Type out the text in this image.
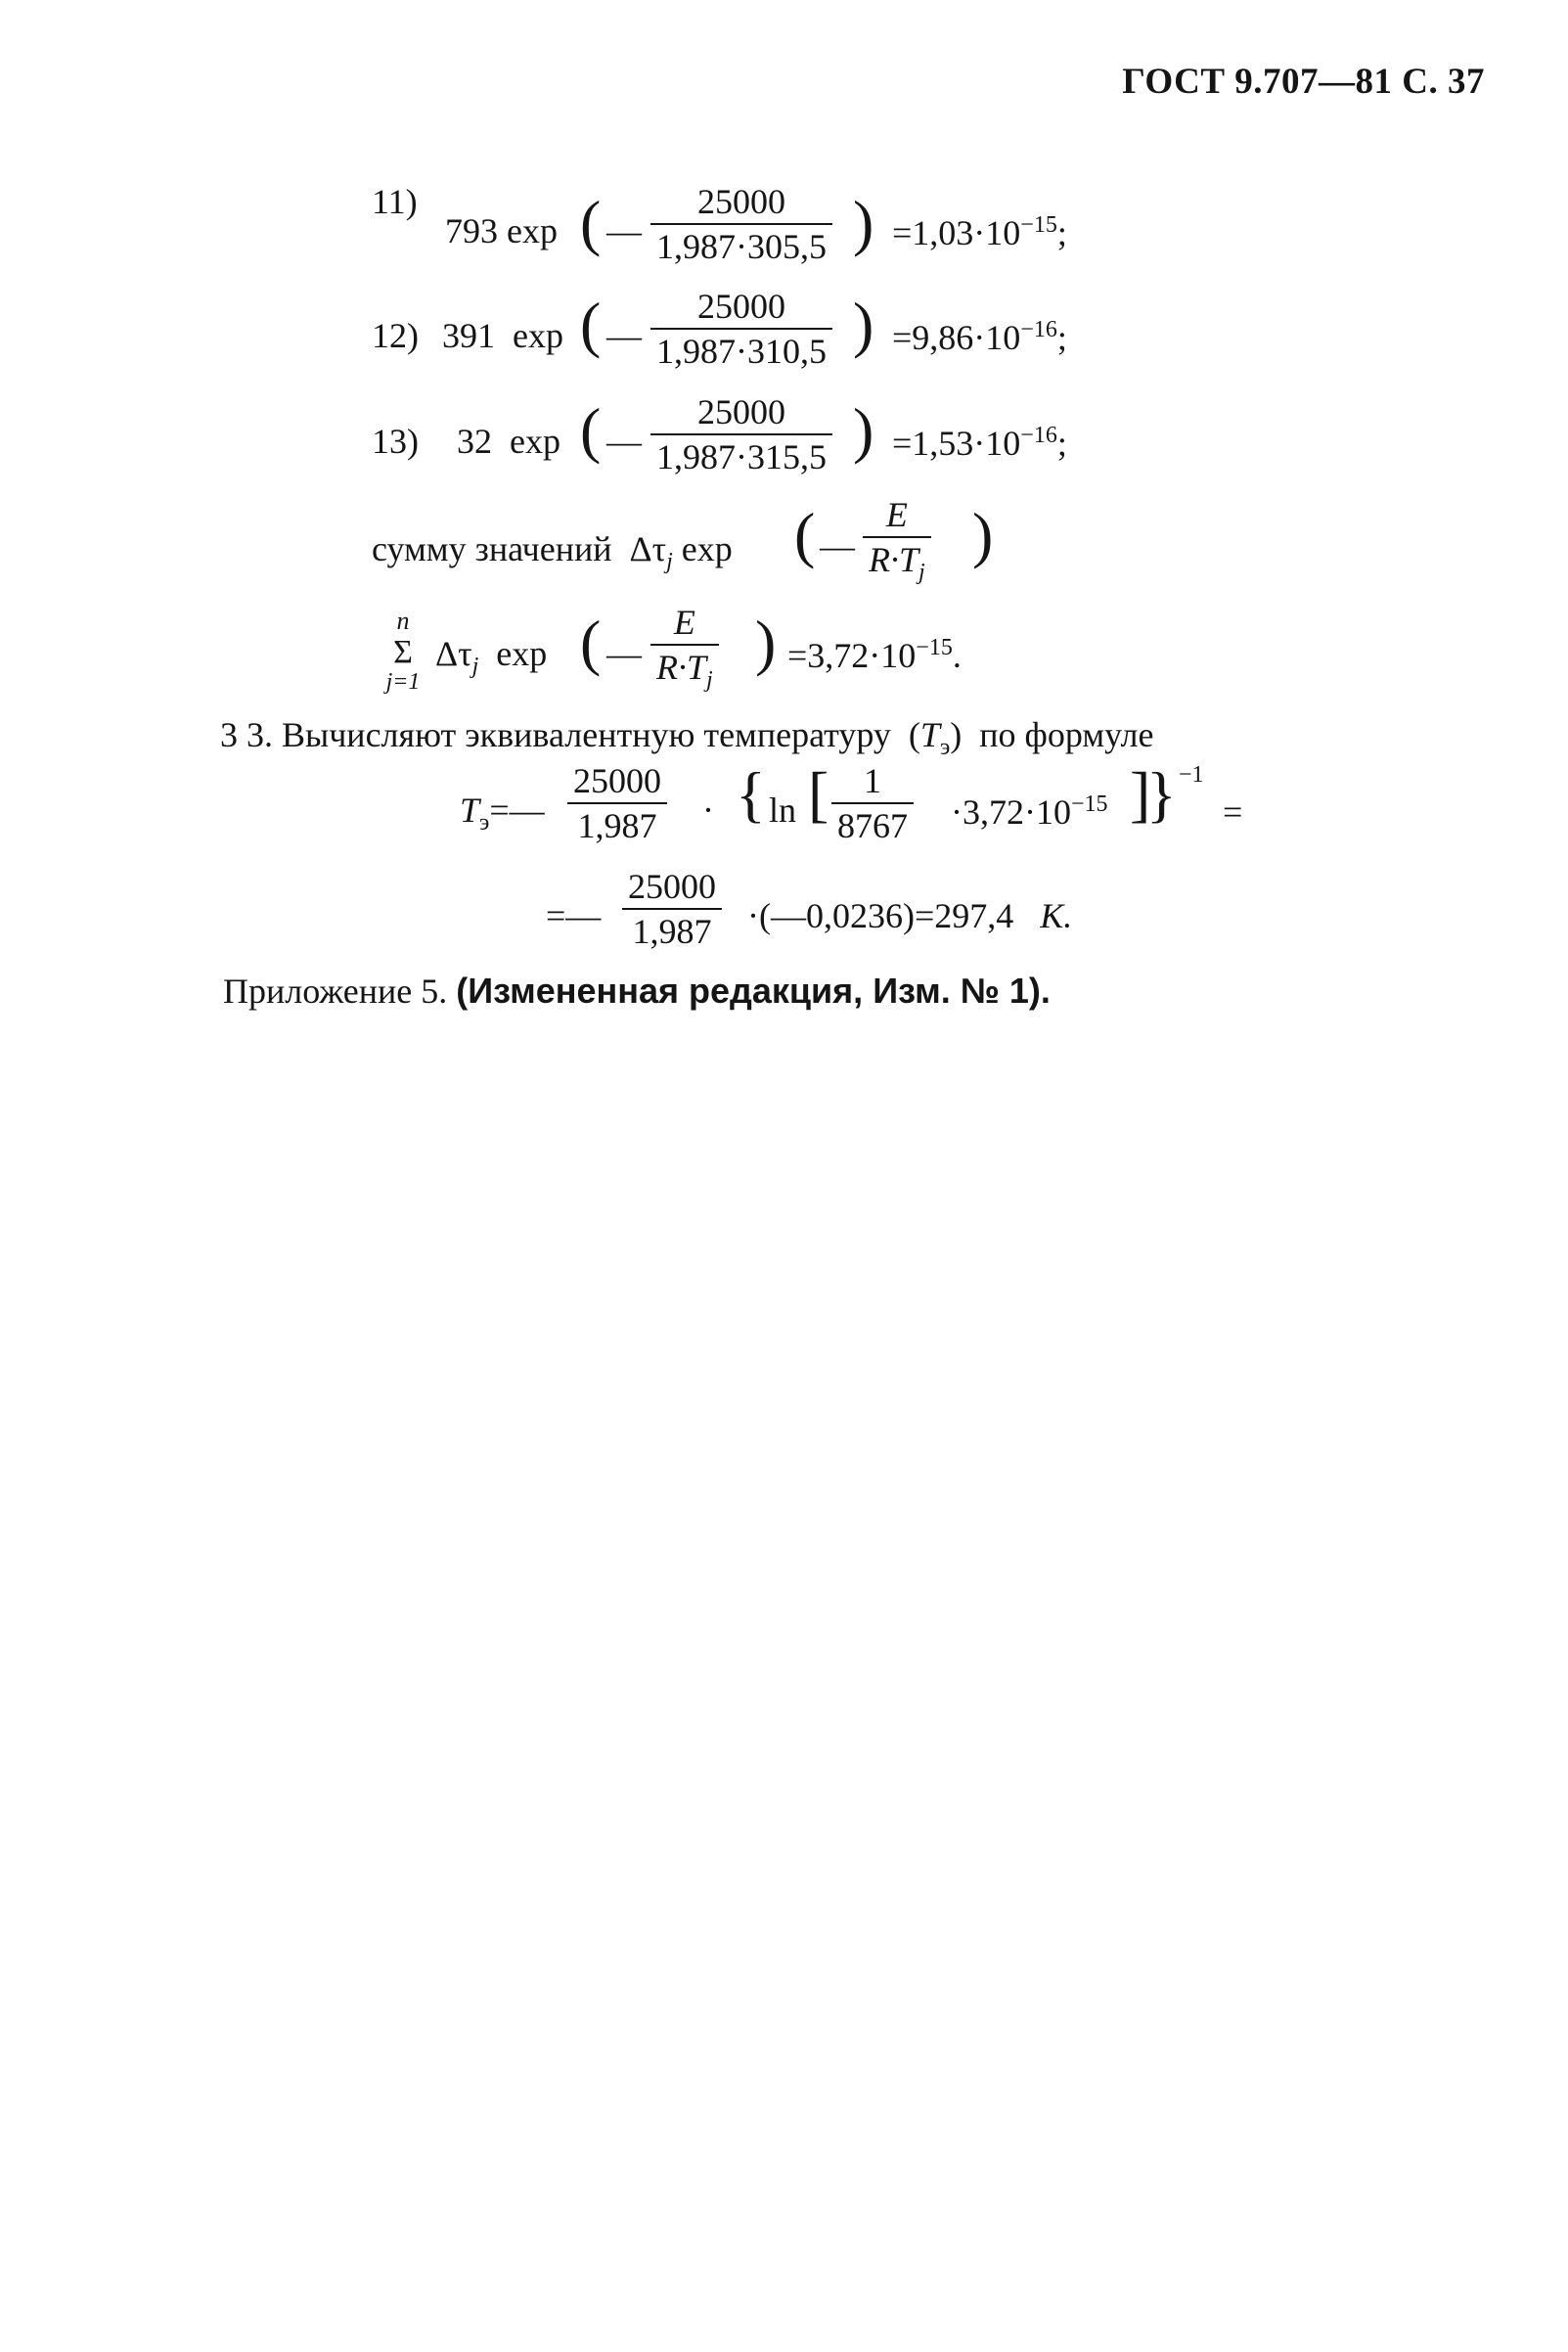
ГОСТ 9.707—81 С. 37
11)
793 exp ( — $\frac{25000}{1,987\cdot 305,5}$ ) $=1,03\cdot 10^{-15}$;
12) 391 exp ( — $\frac{25000}{1,987\cdot 310,5}$ ) $=9,86\cdot 10^{-16}$;
13) 32 exp ( — $\frac{25000}{1,987\cdot 315,5}$ ) $=1,53\cdot 10^{-16}$;
сумму значений $\Delta\tau_j$ exp ( — $\frac{E}{R\cdot T_j}$ )
n
Σ
j=1
$\Delta\tau_j$ exp ( — $\frac{E}{R\cdot T_j}$ ) $=3,72\cdot 10^{-15}$.
3 3. Вычисляют эквивалентную температуру $(T_э)$ по формуле
$T_э=— \frac{25000}{1,987}$ · { ln [ $\frac{1}{8767} \cdot 3,72\cdot 10^{-15}$ ]
} $^{-1}$
=
=— $\frac{25000}{1,987}$ ·(—0,0236)=297,4 K.
Приложение 5. (Измененная редакция, Изм. № 1).
